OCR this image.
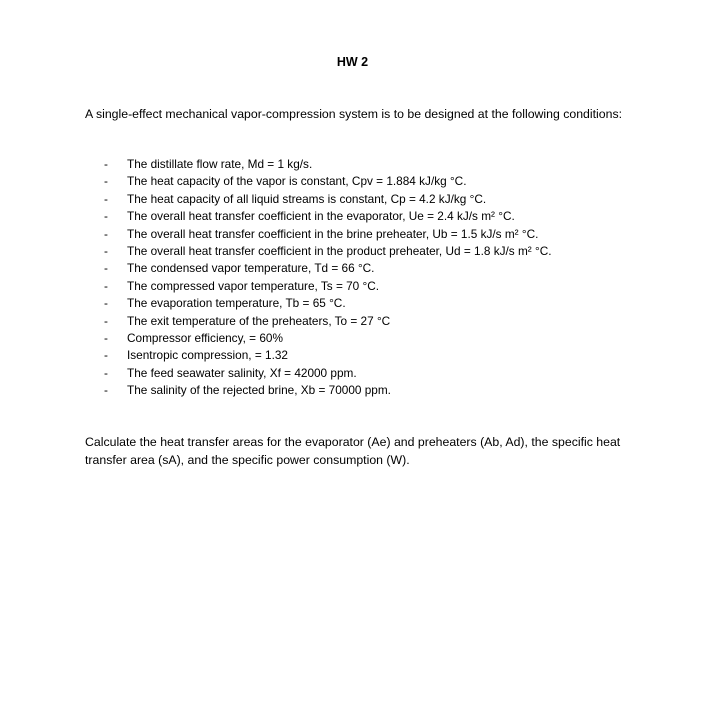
HW 2
A single-effect mechanical vapor-compression system is to be designed at the following conditions:
-	The distillate flow rate, Md = 1 kg/s.
-	The heat capacity of the vapor is constant, Cpv = 1.884 kJ/kg °C.
-	The heat capacity of all liquid streams is constant, Cp = 4.2 kJ/kg °C.
-	The overall heat transfer coefficient in the evaporator, Ue = 2.4 kJ/s m² °C.
-	The overall heat transfer coefficient in the brine preheater, Ub = 1.5 kJ/s m² °C.
-	The overall heat transfer coefficient in the product preheater, Ud = 1.8 kJ/s m² °C.
-	The condensed vapor temperature, Td = 66 °C.
-	The compressed vapor temperature, Ts = 70 °C.
-	The evaporation temperature, Tb = 65 °C.
-	The exit temperature of the preheaters, To = 27 °C
-	Compressor efficiency, = 60%
-	Isentropic compression, = 1.32
-	The feed seawater salinity, Xf = 42000 ppm.
-	The salinity of the rejected brine, Xb = 70000 ppm.
Calculate the heat transfer areas for the evaporator (Ae) and preheaters (Ab, Ad), the specific heat transfer area (sA), and the specific power consumption (W).
